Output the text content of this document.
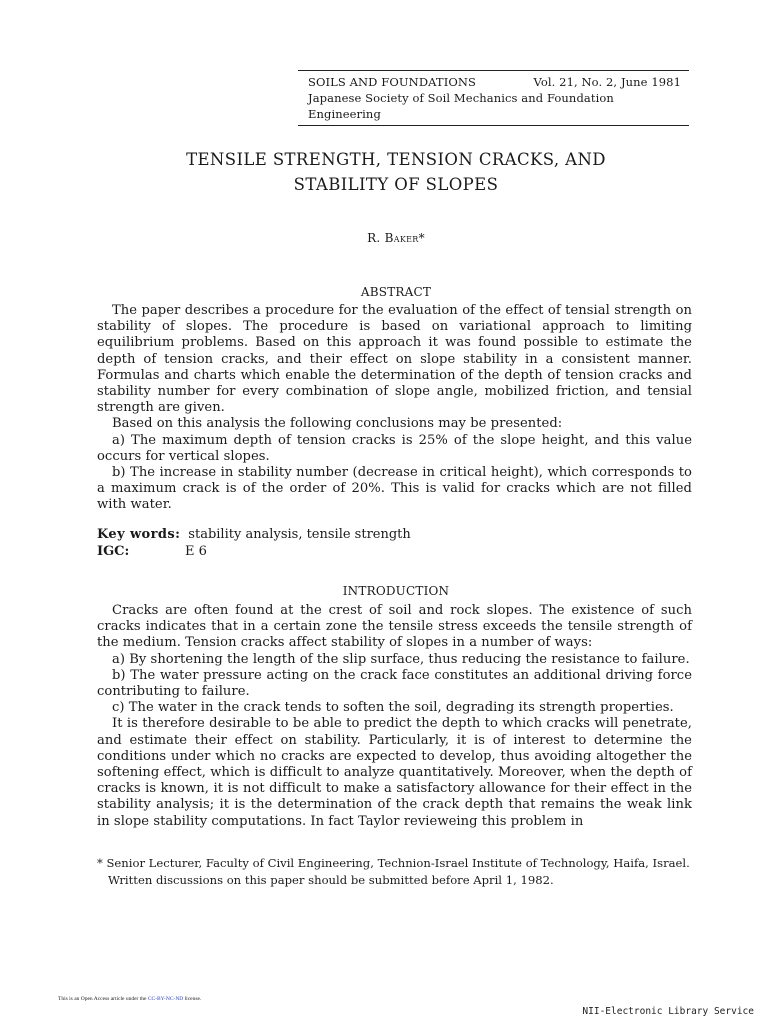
SOILS AND FOUNDATIONS	Vol. 21, No. 2, June 1981
Japanese Society of Soil Mechanics and Foundation Engineering
TENSILE STRENGTH, TENSION CRACKS, AND
STABILITY OF SLOPES
R. Baker*
ABSTRACT

The paper describes a procedure for the evaluation of the effect of tensial strength on stability of slopes. The procedure is based on variational approach to limiting equilibrium problems. Based on this approach it was found possible to estimate the depth of tension cracks, and their effect on slope stability in a consistent manner. Formulas and charts which enable the determination of the depth of tension cracks and stability number for every combination of slope angle, mobilized friction, and tensial strength are given.

Based on this analysis the following conclusions may be presented:

a) The maximum depth of tension cracks is 25% of the slope height, and this value occurs for vertical slopes.

b) The increase in stability number (decrease in critical height), which corresponds to a maximum crack is of the order of 20%. This is valid for cracks which are not filled with water.

Key words: stability analysis, tensile strength
IGC:	E 6
INTRODUCTION

Cracks are often found at the crest of soil and rock slopes. The existence of such cracks indicates that in a certain zone the tensile stress exceeds the tensile strength of the medium. Tension cracks affect stability of slopes in a number of ways:

a) By shortening the length of the slip surface, thus reducing the resistance to failure.

b) The water pressure acting on the crack face constitutes an additional driving force contributing to failure.

c) The water in the crack tends to soften the soil, degrading its strength properties.

It is therefore desirable to be able to predict the depth to which cracks will penetrate, and estimate their effect on stability. Particularly, it is of interest to determine the conditions under which no cracks are expected to develop, thus avoiding altogether the softening effect, which is difficult to analyze quantitatively. Moreover, when the depth of cracks is known, it is not difficult to make a satisfactory allowance for their effect in the stability analysis; it is the determination of the crack depth that remains the weak link in slope stability computations. In fact Taylor revieweing this problem in

* Senior Lecturer, Faculty of Civil Engineering, Technion-Israel Institute of Technology, Haifa, Israel.

Written discussions on this paper should be submitted before April 1, 1982.

This is an Open Access article under the CC-BY-NC-ND license.
NII-Electronic Library Service
